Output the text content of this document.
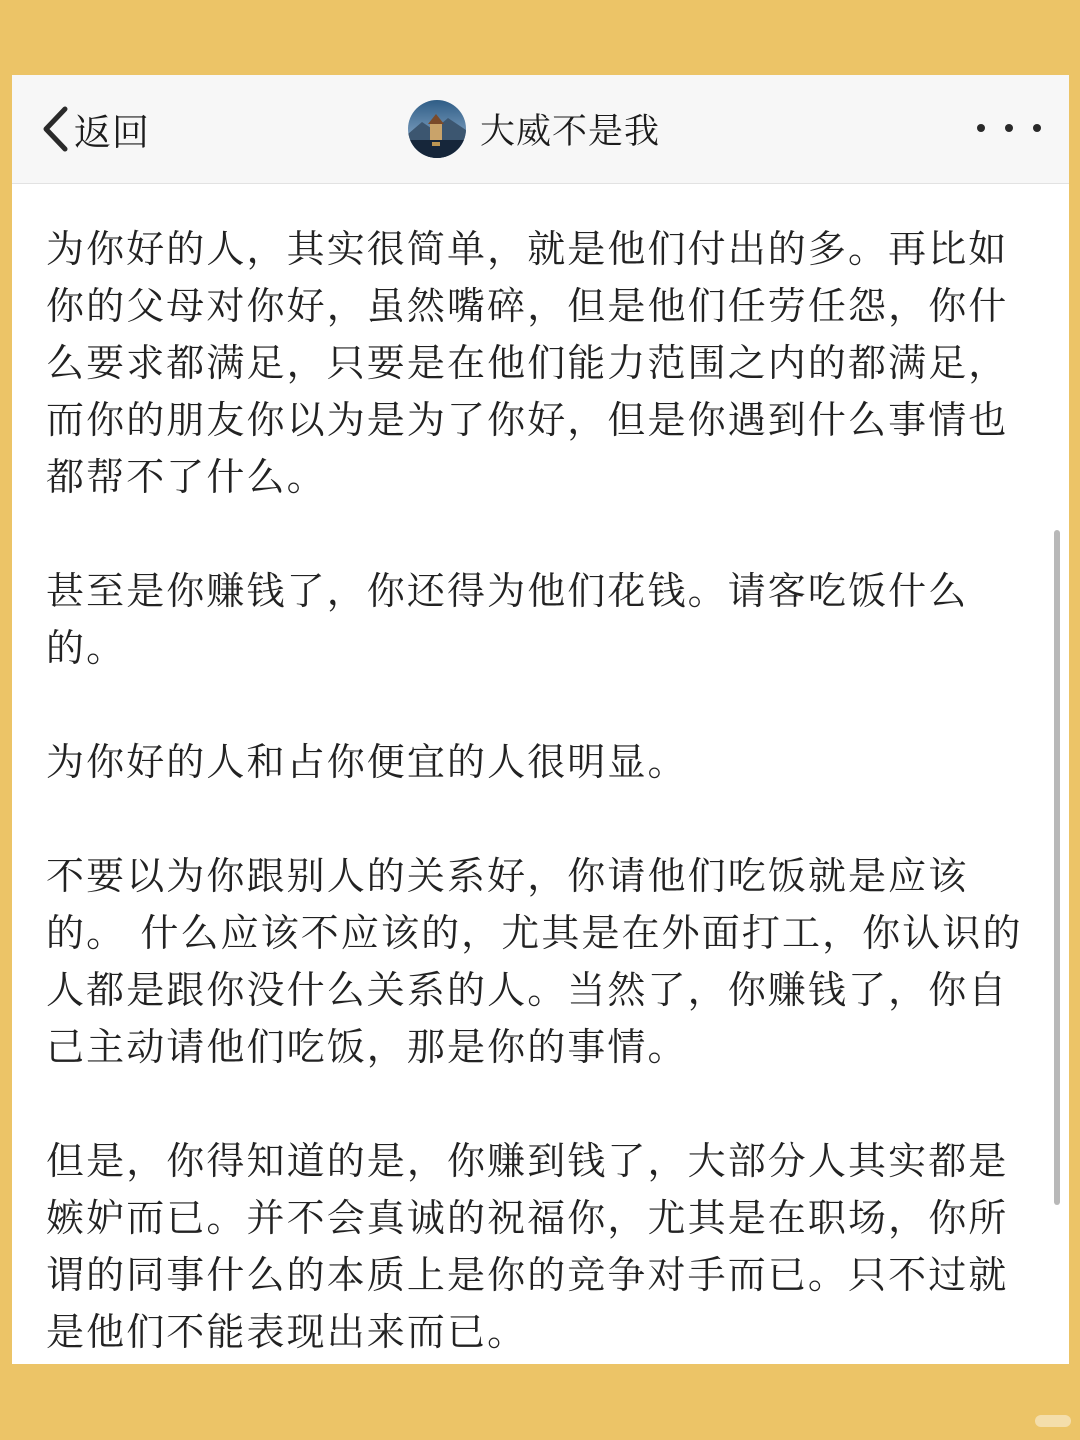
返回	大威不是我

为你好的人，其实很简单，就是他们付出的多。再比如你的父母对你好，虽然嘴碎，但是他们任劳任怨，你什么要求都满足，只要是在他们能力范围之内的都满足，而你的朋友你以为是为了你好，但是你遇到什么事情也都帮不了什么。

甚至是你赚钱了，你还得为他们花钱。请客吃饭什么的。

为你好的人和占你便宜的人很明显。

不要以为你跟别人的关系好，你请他们吃饭就是应该的。 什么应该不应该的，尤其是在外面打工，你认识的人都是跟你没什么关系的人。当然了，你赚钱了，你自己主动请他们吃饭，那是你的事情。

但是，你得知道的是，你赚到钱了，大部分人其实都是嫉妒而已。并不会真诚的祝福你，尤其是在职场，你所谓的同事什么的本质上是你的竞争对手而已。只不过就是他们不能表现出来而已。
